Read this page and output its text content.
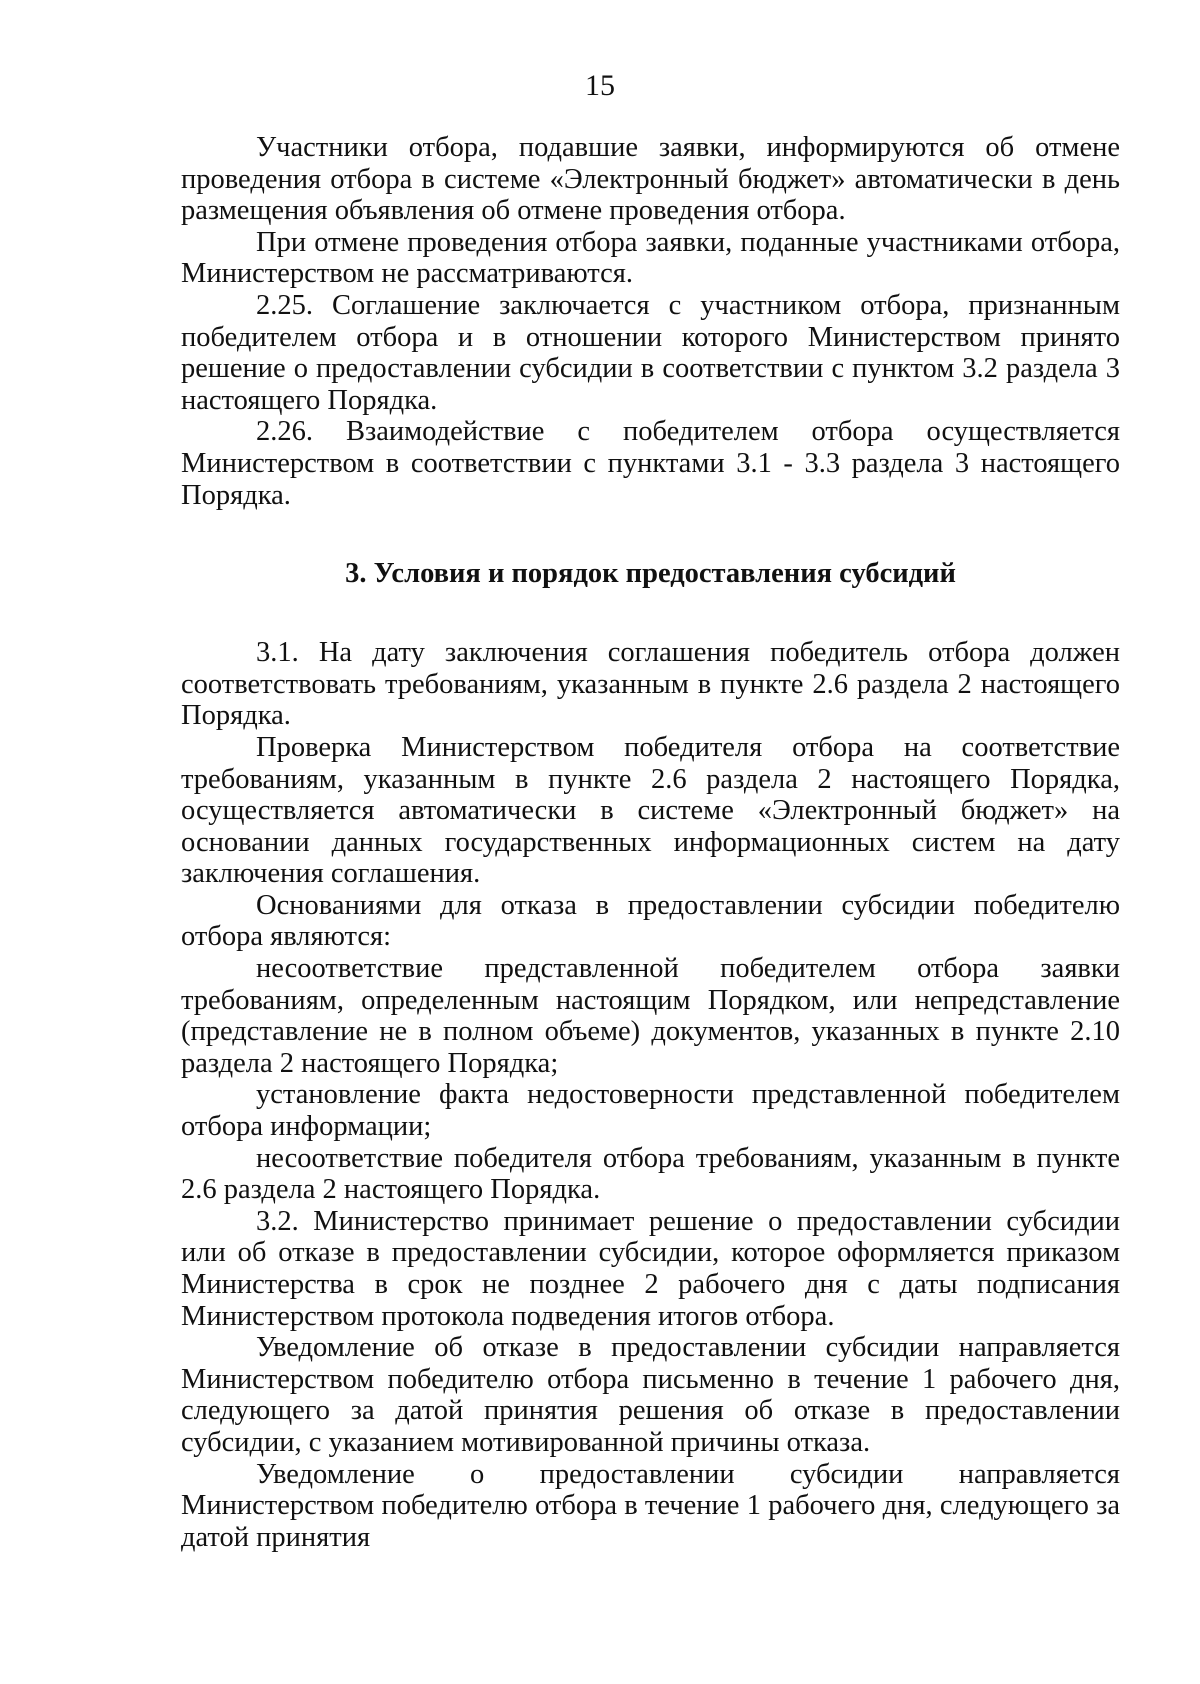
15

Участники отбора, подавшие заявки, информируются об отмене проведения отбора в системе «Электронный бюджет» автоматически в день размещения объявления об отмене проведения отбора.

При отмене проведения отбора заявки, поданные участниками отбора, Министерством не рассматриваются.

2.25. Соглашение заключается с участником отбора, признанным победителем отбора и в отношении которого Министерством принято решение о предоставлении субсидии в соответствии с пунктом 3.2 раздела 3 настоящего Порядка.

2.26. Взаимодействие с победителем отбора осуществляется Министерством в соответствии с пунктами 3.1 - 3.3 раздела 3 настоящего Порядка.

3. Условия и порядок предоставления субсидий

3.1. На дату заключения соглашения победитель отбора должен соответствовать требованиям, указанным в пункте 2.6 раздела 2 настоящего Порядка.

Проверка Министерством победителя отбора на соответствие требованиям, указанным в пункте 2.6 раздела 2 настоящего Порядка, осуществляется автоматически в системе «Электронный бюджет» на основании данных государственных информационных систем на дату заключения соглашения.

Основаниями для отказа в предоставлении субсидии победителю отбора являются:

несоответствие представленной победителем отбора заявки требованиям, определенным настоящим Порядком, или непредставление (представление не в полном объеме) документов, указанных в пункте 2.10 раздела 2 настоящего Порядка;

установление факта недостоверности представленной победителем отбора информации;

несоответствие победителя отбора требованиям, указанным в пункте 2.6 раздела 2 настоящего Порядка.

3.2. Министерство принимает решение о предоставлении субсидии или об отказе в предоставлении субсидии, которое оформляется приказом Министерства в срок не позднее 2 рабочего дня с даты подписания Министерством протокола подведения итогов отбора.

Уведомление об отказе в предоставлении субсидии направляется Министерством победителю отбора письменно в течение 1 рабочего дня, следующего за датой принятия решения об отказе в предоставлении субсидии, с указанием мотивированной причины отказа.

Уведомление о предоставлении субсидии направляется Министерством победителю отбора в течение 1 рабочего дня, следующего за датой принятия
